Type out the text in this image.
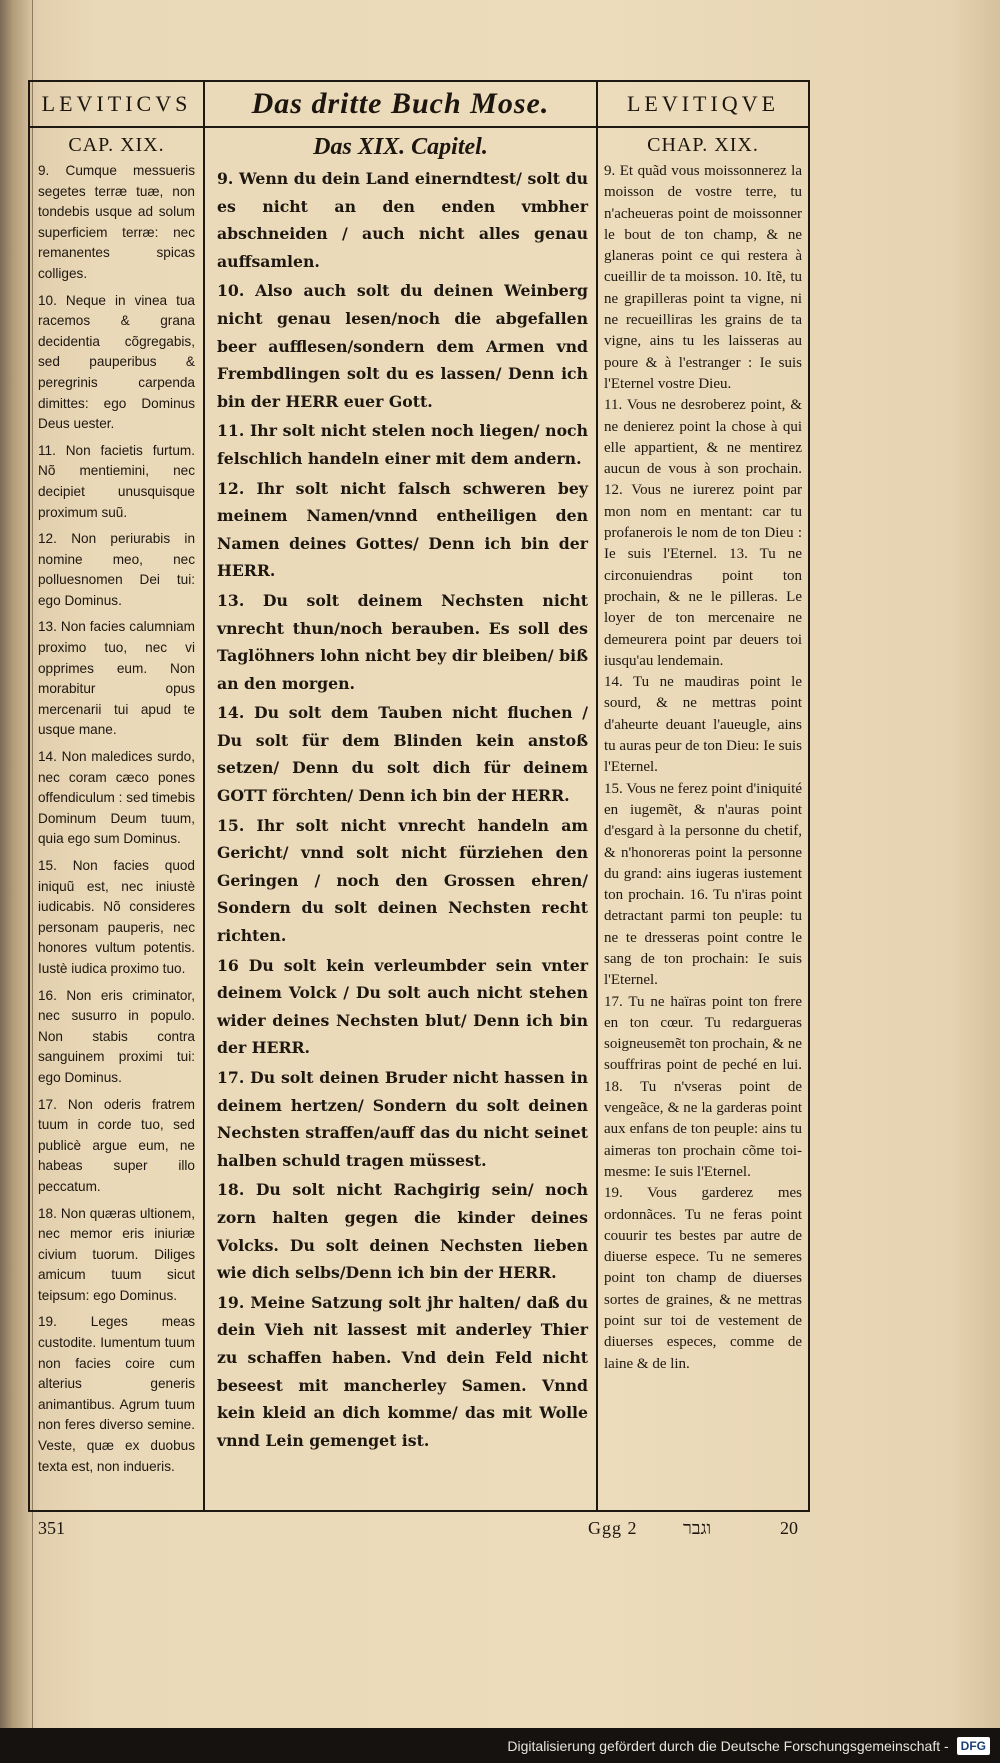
LEVITICVS
CAP. XIX.

9. Cumque messueris segetes terræ tuæ, non tondebis usque ad solum superficiem terræ: nec remanentes spicas colliges.

10. Neque in vinea tua racemos & grana decidentia cõgregabis, sed pauperibus & peregrinis carpenda dimittes: ego Dominus Deus uester.

11. Non facietis furtum. Nõ mentiemini, nec decipiet unusquisque proximum suũ.

12. Non periurabis in nomine meo, nec polluesnomen Dei tui: ego Dominus.

13. Non facies calumniam proximo tuo, nec vi opprimes eum. Non morabitur opus mercenarii tui apud te usque mane.

14. Non maledices surdo, nec coram cæco pones offendiculum : sed timebis Dominum Deum tuum, quia ego sum Dominus.

15. Non facies quod iniquũ est, nec iniustè iudicabis. Nõ consideres personam pauperis, nec honores vultum potentis. Iustè iudica proximo tuo.

16. Non eris criminator, nec susurro in populo. Non stabis contra sanguinem proximi tui: ego Dominus.

17. Non oderis fratrem tuum in corde tuo, sed publicè argue eum, ne habeas super illo peccatum.

18. Non quæras ultionem, nec memor eris iniuriæ civium tuorum. Diliges amicum tuum sicut teipsum: ego Dominus.

19. Leges meas custodite. Iumentum tuum non facies coire cum alterius generis animantibus. Agrum tuum non feres diverso semine. Veste, quæ ex duobus texta est, non indueris.

Das dritte Buch Mose.
Das XIX. Capitel.

9. Wenn du dein Land einerndtest/ solt du es nicht an den enden vmbher abschneiden / auch nicht alles genau auffsamlen.

10. Also auch solt du deinen Weinberg nicht genau lesen/noch die abgefallen beer aufflesen/sondern dem Armen vnd Frembdlingen solt du es lassen/ Denn ich bin der HERR euer Gott.

11. Ihr solt nicht stelen noch liegen/ noch felschlich handeln einer mit dem andern.

12. Ihr solt nicht falsch schweren bey meinem Namen/vnnd entheiligen den Namen deines Gottes/ Denn ich bin der HERR.

13. Du solt deinem Nechsten nicht vnrecht thun/noch berauben. Es soll des Taglöhners lohn nicht bey dir bleiben/ biß an den morgen.

14. Du solt dem Tauben nicht fluchen / Du solt für dem Blinden kein anstoß setzen/ Denn du solt dich für deinem GOTT förchten/ Denn ich bin der HERR.

15. Ihr solt nicht vnrecht handeln am Gericht/ vnnd solt nicht fürziehen den Geringen / noch den Grossen ehren/ Sondern du solt deinen Nechsten recht richten.

16 Du solt kein verleumbder sein vnter deinem Volck / Du solt auch nicht stehen wider deines Nechsten blut/ Denn ich bin der HERR.

17. Du solt deinen Bruder nicht hassen in deinem hertzen/ Sondern du solt deinen Nechsten straffen/auff das du nicht seinet halben schuld tragen müssest.

18. Du solt nicht Rachgirig sein/ noch zorn halten gegen die kinder deines Volcks. Du solt deinen Nechsten lieben wie dich selbs/Denn ich bin der HERR.

19. Meine Satzung solt jhr halten/ daß du dein Vieh nit lassest mit anderley Thier zu schaffen haben. Vnd dein Feld nicht beseest mit mancherley Samen. Vnnd kein kleid an dich komme/ das mit Wolle vnnd Lein gemenget ist.

LEVITIQVE
CHAP. XIX.

9. Et quãd vous moissonnerez la moisson de vostre terre, tu n'acheueras point de moissonner le bout de ton champ, & ne glaneras point ce qui restera à cueillir de ta moisson. 10. Itẽ, tu ne grapilleras point ta vigne, ni ne recueilliras les grains de ta vigne, ains tu les laisseras au poure & à l'estranger : Ie suis l'Eternel vostre Dieu.

11. Vous ne desroberez point, & ne denierez point la chose à qui elle appartient, & ne mentirez aucun de vous à son prochain. 12. Vous ne iurerez point par mon nom en mentant: car tu profanerois le nom de ton Dieu : Ie suis l'Eternel. 13. Tu ne circonuiendras point ton prochain, & ne le pilleras. Le loyer de ton mercenaire ne demeurera point par deuers toi iusqu'au lendemain.

14. Tu ne maudiras point le sourd, & ne mettras point d'aheurte deuant l'aueugle, ains tu auras peur de ton Dieu: Ie suis l'Eternel.

15. Vous ne ferez point d'iniquité en iugemẽt, & n'auras point d'esgard à la personne du chetif, & n'honoreras point la personne du grand: ains iugeras iustement ton prochain. 16. Tu n'iras point detractant parmi ton peuple: tu ne te dresseras point contre le sang de ton prochain: Ie suis l'Eternel.

17. Tu ne haïras point ton frere en ton cœur. Tu redargueras soigneusemẽt ton prochain, & ne souffriras point de peché en lui. 18. Tu n'vseras point de vengeãce, & ne la garderas point aux enfans de ton peuple: ains tu aimeras ton prochain cõme toi-mesme: Ie suis l'Eternel.

19. Vous garderez mes ordonnãces. Tu ne feras point couurir tes bestes par autre de diuerse espece. Tu ne semeres point ton champ de diuerses sortes de graines, & ne mettras point sur toi de vestement de diuerses especes, comme de laine & de lin.

351	Ggg 2	וגבר	20
Digitalisierung gefördert durch die Deutsche Forschungsgemeinschaft -	DFG
